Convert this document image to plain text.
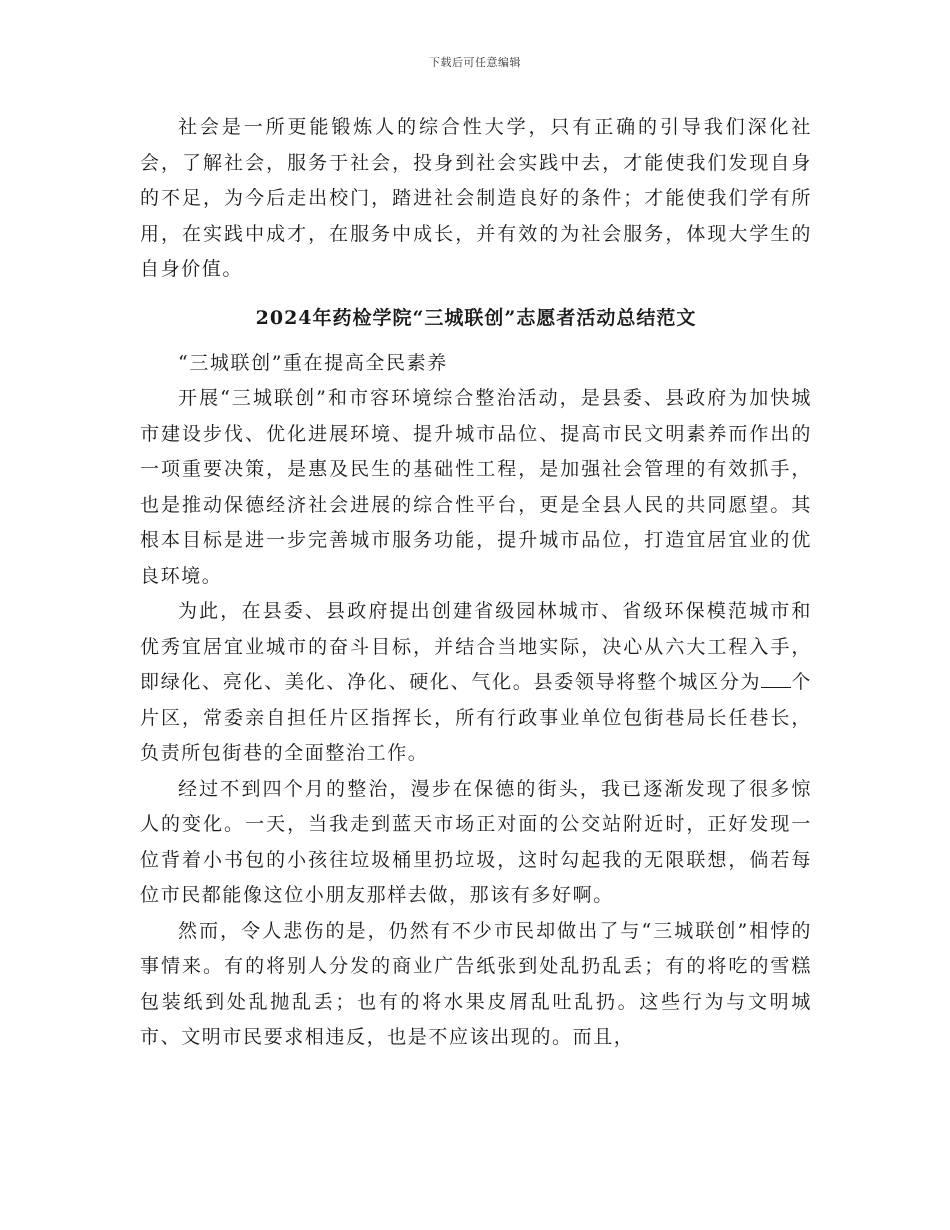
下载后可任意编辑

社会是一所更能锻炼人的综合性大学，只有正确的引导我们深化社会，了解社会，服务于社会，投身到社会实践中去，才能使我们发现自身的不足，为今后走出校门，踏进社会制造良好的条件；才能使我们学有所用，在实践中成才，在服务中成长，并有效的为社会服务，体现大学生的自身价值。

2024年药检学院“三城联创”志愿者活动总结范文

“三城联创”重在提高全民素养

开展“三城联创”和市容环境综合整治活动，是县委、县政府为加快城市建设步伐、优化进展环境、提升城市品位、提高市民文明素养而作出的一项重要决策，是惠及民生的基础性工程，是加强社会管理的有效抓手，也是推动保德经济社会进展的综合性平台，更是全县人民的共同愿望。其根本目标是进一步完善城市服务功能，提升城市品位，打造宜居宜业的优良环境。

为此，在县委、县政府提出创建省级园林城市、省级环保模范城市和优秀宜居宜业城市的奋斗目标，并结合当地实际，决心从六大工程入手，即绿化、亮化、美化、净化、硬化、气化。县委领导将整个城区分为 个片区，常委亲自担任片区指挥长，所有行政事业单位包街巷局长任巷长，负责所包街巷的全面整治工作。

经过不到四个月的整治，漫步在保德的街头，我已逐渐发现了很多惊人的变化。一天，当我走到蓝天市场正对面的公交站附近时，正好发现一位背着小书包的小孩往垃圾桶里扔垃圾，这时勾起我的无限联想，倘若每位市民都能像这位小朋友那样去做，那该有多好啊。

然而，令人悲伤的是，仍然有不少市民却做出了与“三城联创”相悖的事情来。有的将别人分发的商业广告纸张到处乱扔乱丢；有的将吃的雪糕包装纸到处乱抛乱丢；也有的将水果皮屑乱吐乱扔。这些行为与文明城市、文明市民要求相违反，也是不应该出现的。而且，
